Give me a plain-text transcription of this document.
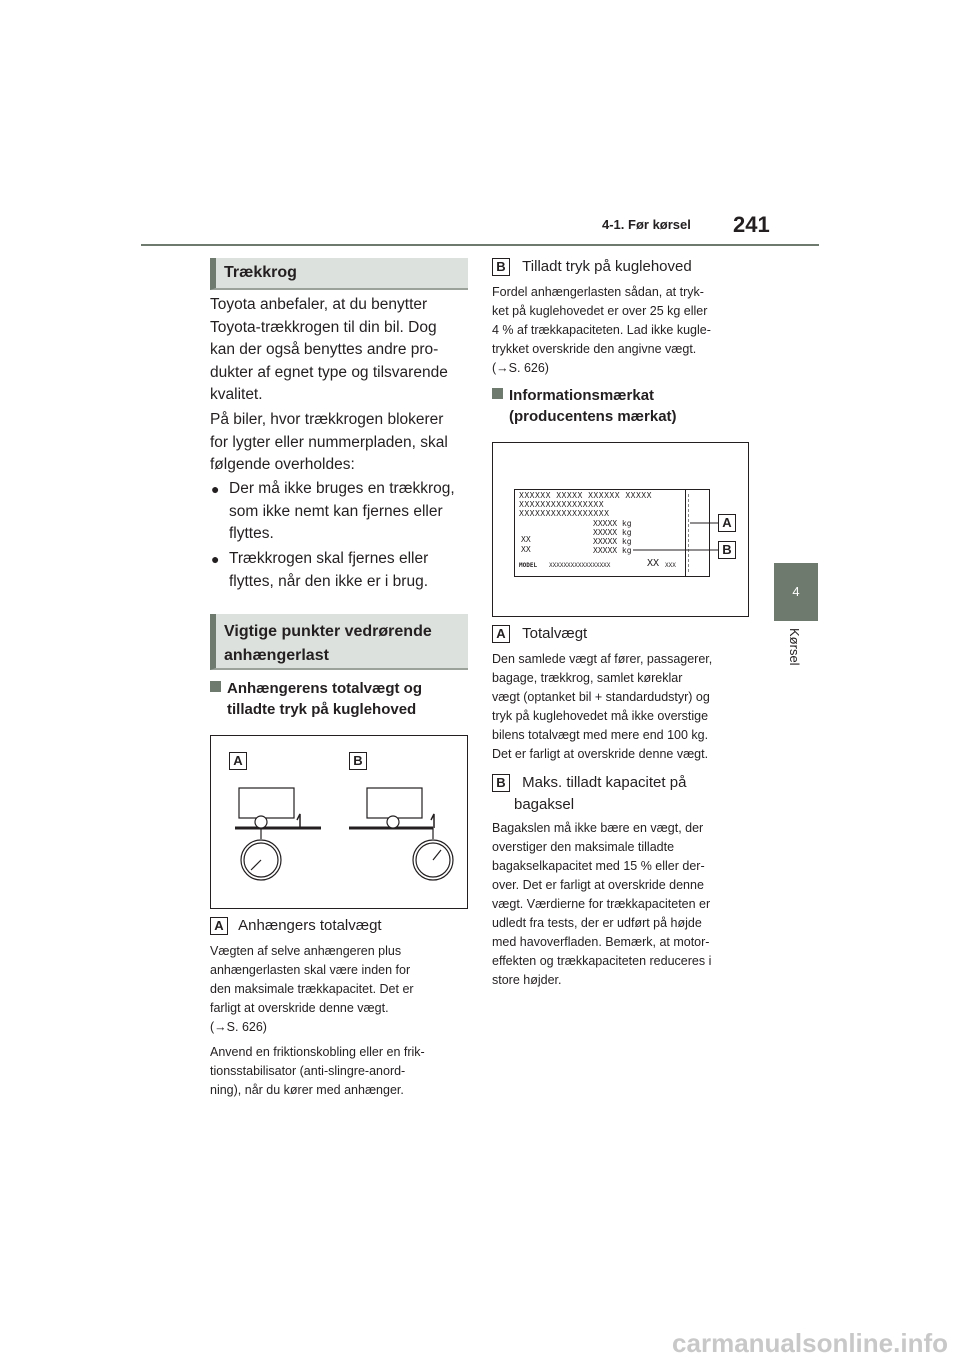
4-1. Før kørsel 241
4
Kørsel
Trækkrog
Toyota anbefaler, at du benytter
Toyota-trækkrogen til din bil. Dog
kan der også benyttes andre pro-
dukter af egnet type og tilsvarende
kvalitet.
På biler, hvor trækkrogen blokerer
for lygter eller nummerpladen, skal
følgende overholdes:
● Der må ikke bruges en trækkrog,
som ikke nemt kan fjernes eller
flyttes.
● Trækkrogen skal fjernes eller
flyttes, når den ikke er i brug.
Vigtige punkter vedrørende
anhængerlast
Anhængerens totalvægt og
tilladte tryk på kuglehoved
A	B
A Anhængers totalvægt
Vægten af selve anhængeren plus
anhængerlasten skal være inden for
den maksimale trækkapacitet. Det er
farligt at overskride denne vægt.
(→S. 626)
Anvend en friktionskobling eller en frik-
tionsstabilisator (anti-slingre-anord-
ning), når du kører med anhænger.
B Tilladt tryk på kuglehoved
Fordel anhængerlasten sådan, at tryk-
ket på kuglehovedet er over 25 kg eller
4 % af trækkapaciteten. Lad ikke kugle-
trykket overskride den angivne vægt.
(→S. 626)
Informationsmærkat
(producentens mærkat)
XXXXXX XXXXX XXXXXX XXXXX
XXXXXXXXXXXXXXXX
XXXXXXXXXXXXXXXXX
XXXXX kg
XXXXX kg
XXXXX kg
XXXXX kg
XX
XX
MODEL XXXXXXXXXXXXXXXXX	XX XXX
A
B
A Totalvægt
Den samlede vægt af fører, passagerer,
bagage, trækkrog, samlet køreklar
vægt (optanket bil + standardudstyr) og
tryk på kuglehovedet må ikke overstige
bilens totalvægt med mere end 100 kg.
Det er farligt at overskride denne vægt.
B Maks. tilladt kapacitet på
bagaksel
Bagakslen må ikke bære en vægt, der
overstiger den maksimale tilladte
bagakselkapacitet med 15 % eller der-
over. Det er farligt at overskride denne
vægt. Værdierne for trækkapaciteten er
udledt fra tests, der er udført på højde
med havoverfladen. Bemærk, at motor-
effekten og trækkapaciteten reduceres i
store højder.
carmanualsonline.info
